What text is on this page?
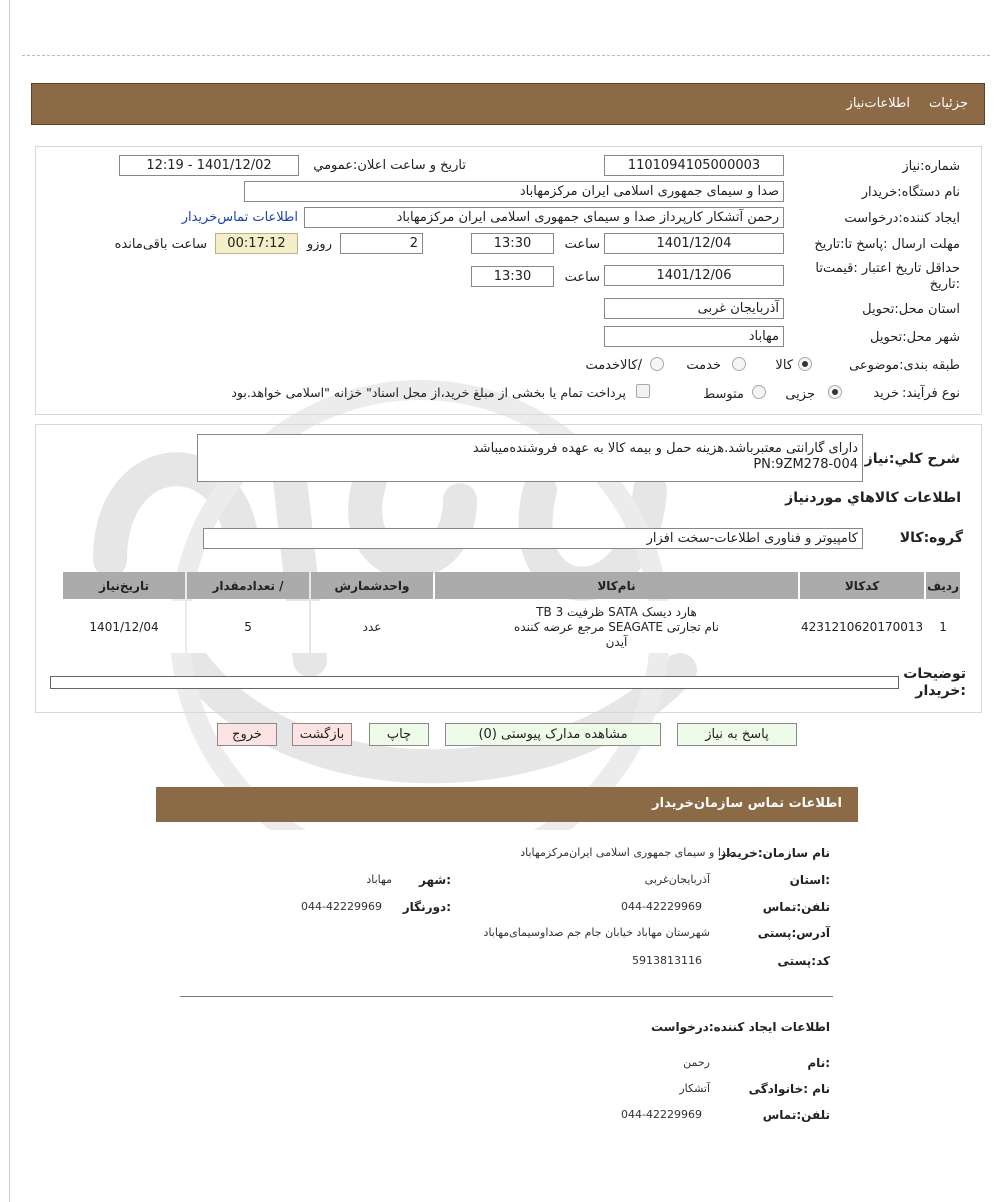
جزئیات
اطلاعات‌نیاز
شماره:نیاز
1101094105000003
تاریخ و ساعت اعلان:عمومي
1401/12/02 - 12:19
نام دستگاه:خريدار
صدا و سیمای جمهوری اسلامی ایران مرکزمهاباد
ايجاد كننده:درخواست
رحمن آتشکار کارپرداز صدا و سیمای جمهوری اسلامی ایران مرکزمهاباد
اطلاعات تماس‌خريدار
مهلت ارسال :پاسخ تا:تاريخ
1401/12/04
ساعت
13:30
2
روزو
00:17:12
ساعت باقی‌مانده
حداقل تاريخ اعتبار :قيمت‌تا :تاريخ
1401/12/06
ساعت
13:30
استان محل:تحويل
آذربایجان غربی
شهر محل:تحويل
مهاباد
طبقه بندی:موضوعی
کالا
خدمت
/کالاخدمت
نوع فرآیند:
خرید
جزیی
متوسط
پرداخت تمام یا بخشی از مبلغ خرید،از محل اسناد" خزانه "اسلامی خواهد.بود
شرح كلي:نياز
دارای گارانتی معتبرباشد.هزینه حمل و بیمه کالا به عهده فروشنده‌میباشد
PN:9ZM278-004
اطلاعات كالاهاي موردنياز
گروه:کالا
کامپیوتر و فناوری اطلاعات-سخت افزار
رديف	كدكالا	نام‌كالا	واحدشمارش	/ تعدادمقدار	تاريخ‌نياز
1	4231210620170013	هارد دیسک SATA ظرفیت 3 TB
نام تجارتی SEAGATE مرجع عرضه کننده
آیدن	عدد	5	1401/12/04
توضيحات :خريدار
پاسخ به نياز
مشاهده مدارک پیوستی (0)
چاپ
بازگشت
خروج
اطلاعات تماس سازمان‌خریدار
نام سازمان:خریدار
صدا و سیمای جمهوری اسلامی ایران‌مرکزمهاباد
:استان
آذربایجان‌غربی
:شهر
مهاباد
تلفن:تماس
044-42229969
:دورنگار
044-42229969
آدرس:پستی
شهرستان مهاباد خیابان جام جم صداوسیمای‌مهاباد
کد:پستی
5913813116
اطلاعات ایجاد کننده:درخواست
:نام
رحمن
نام :خانوادگی
آتشکار
تلفن:تماس
044-42229969
